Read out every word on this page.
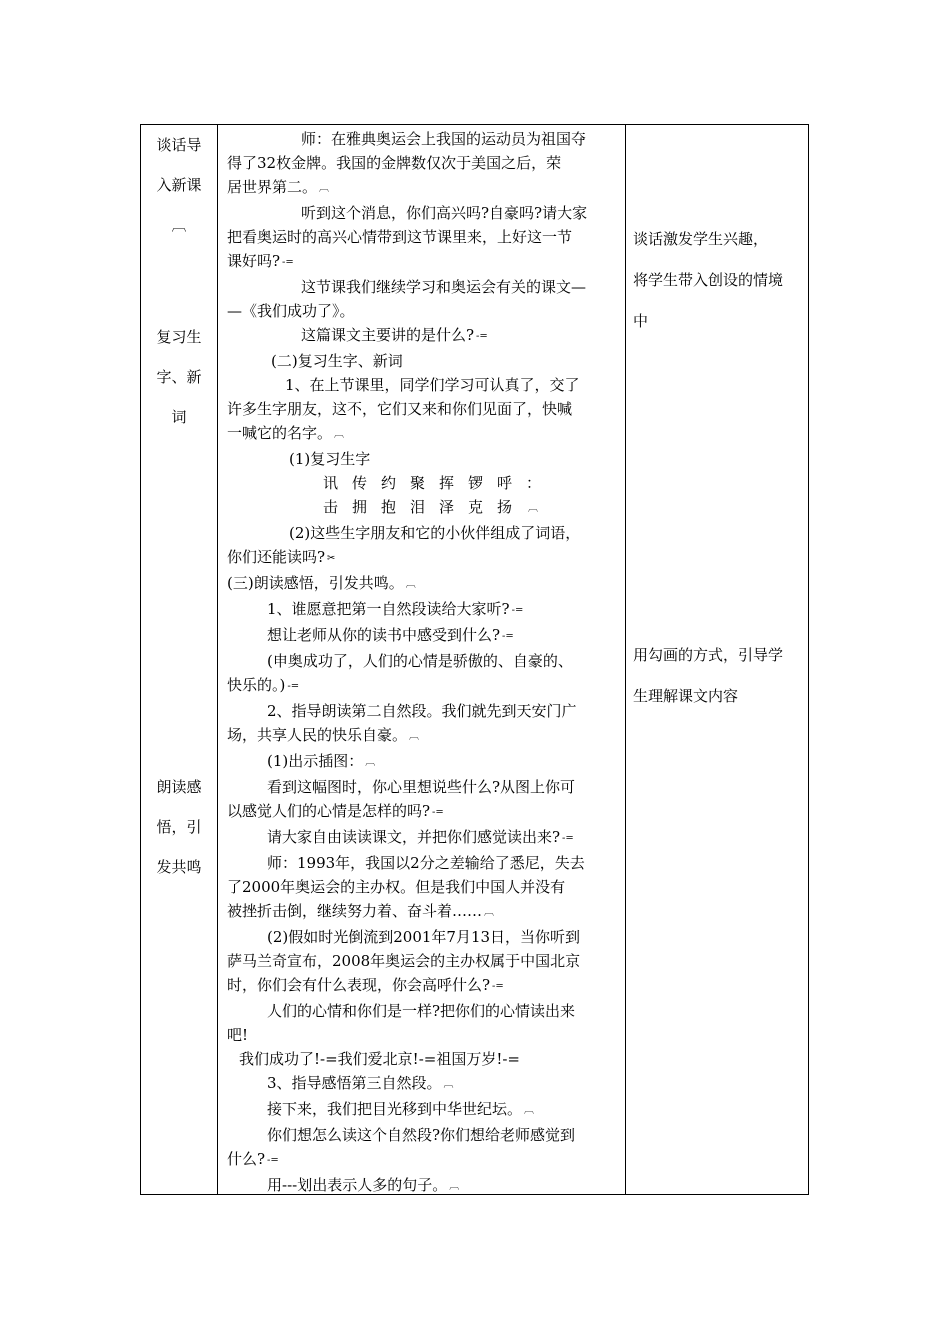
谈话导

入新课

︹

复习生

字、新

词

朗读感

悟，引

发共鸣

谈话激发学生兴趣，

将学生带入创设的情境

中

用勾画的方式，引导学

生理解课文内容

师：在雅典奥运会上我国的运动员为祖国夺

得了32枚金牌。我国的金牌数仅次于美国之后，荣

居世界第二。 ︹

听到这个消息，你们高兴吗?自豪吗?请大家

把看奥运时的高兴心情带到这节课里来，上好这一节

课好吗? -=

这节课我们继续学习和奥运会有关的课文—

—《我们成功了》。

这篇课文主要讲的是什么? -=

(二)复习生字、新词

1、在上节课里，同学们学习可认真了，交了

许多生字朋友，这不，它们又来和你们见面了，快喊

一喊它的名字。 ︹

(1)复习生字

讯传约聚挥锣呼：

击拥抱泪泽克扬 ︹

(2)这些生字朋友和它的小伙伴组成了词语，

你们还能读吗? ✂

(三)朗读感悟，引发共鸣。 ︹

1、谁愿意把第一自然段读给大家听? -=

想让老师从你的读书中感受到什么? -=

(申奥成功了，人们的心情是骄傲的、自豪的、

快乐的。) -=

2、指导朗读第二自然段。我们就先到天安门广

场，共享人民的快乐自豪。 ︹

(1)出示插图： ︹

看到这幅图时，你心里想说些什么?从图上你可

以感觉人们的心情是怎样的吗? -=

请大家自由读读课文，并把你们感觉读出来? -=

师：1993年，我国以2分之差输给了悉尼，失去

了2000年奥运会的主办权。但是我们中国人并没有

被挫折击倒，继续努力着、奋斗着…… ︹

(2)假如时光倒流到2001年7月13日，当你听到

萨马兰奇宣布，2008年奥运会的主办权属于中国北京

时，你们会有什么表现，你会高呼什么? -=

人们的心情和你们是一样?把你们的心情读出来

吧!

我们成功了!-=我们爱北京!-=祖国万岁!-=

3、指导感悟第三自然段。 ︹

接下来，我们把目光移到中华世纪坛。 ︹

你们想怎么读这个自然段?你们想给老师感觉到

什么? -=

用---划出表示人多的句子。 ︹
